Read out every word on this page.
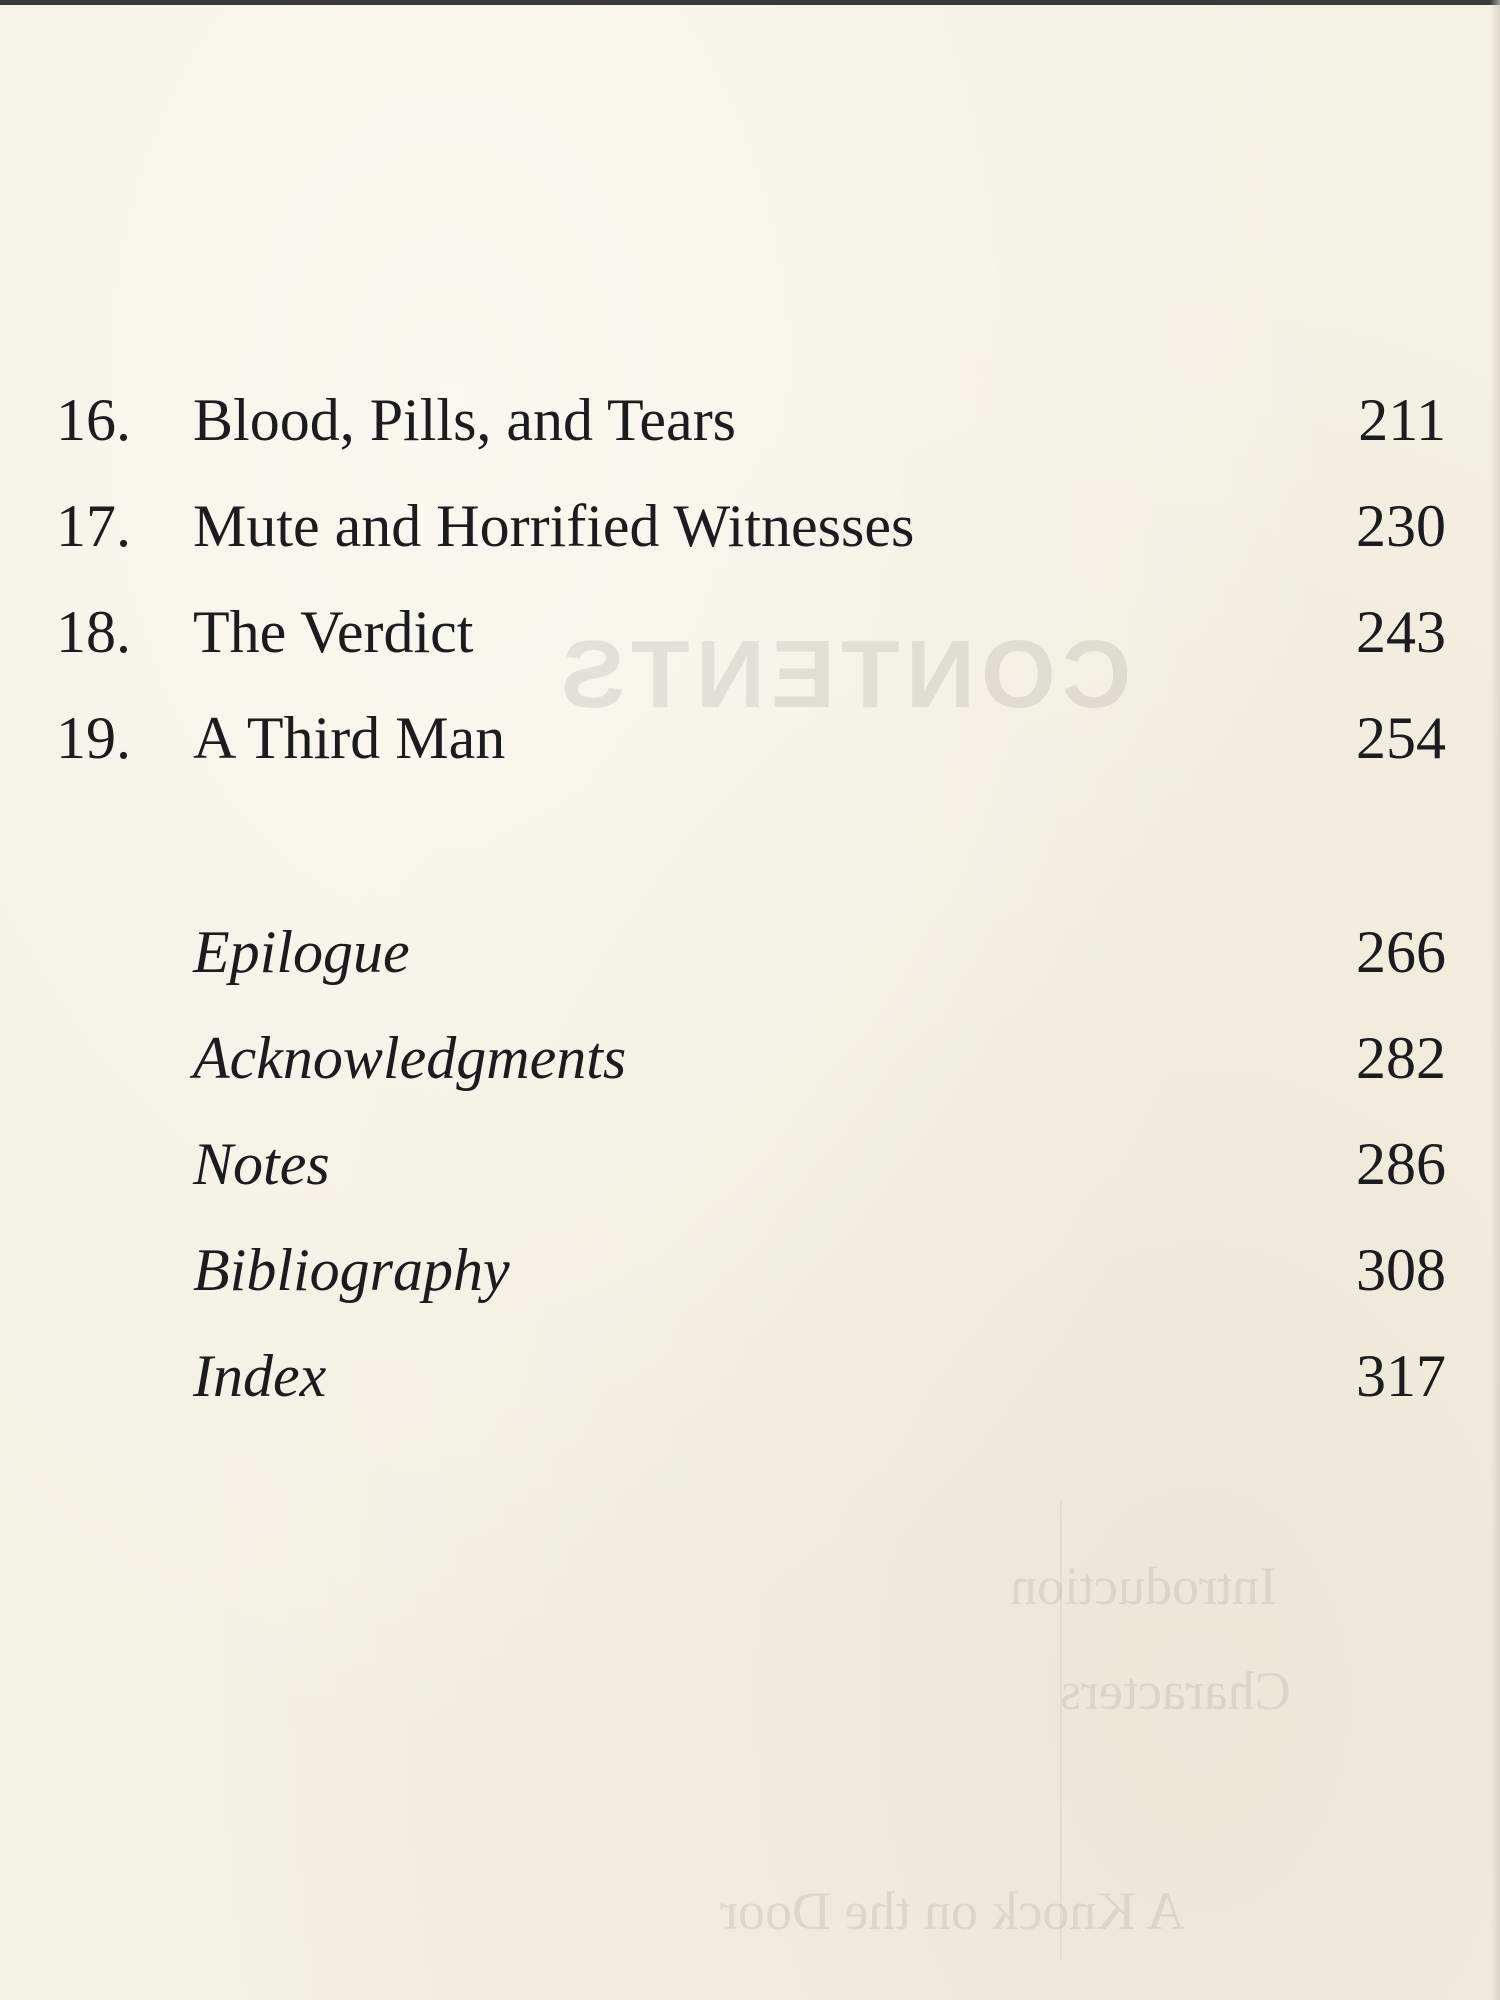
CONTENTS
Introduction
Characters
A Knock on the Door
16.	Blood, Pills, and Tears	211
17.	Mute and Horrified Witnesses	230
18.	The Verdict	243
19.	A Third Man	254
Epilogue	266
Acknowledgments	282
Notes	286
Bibliography	308
Index	317
